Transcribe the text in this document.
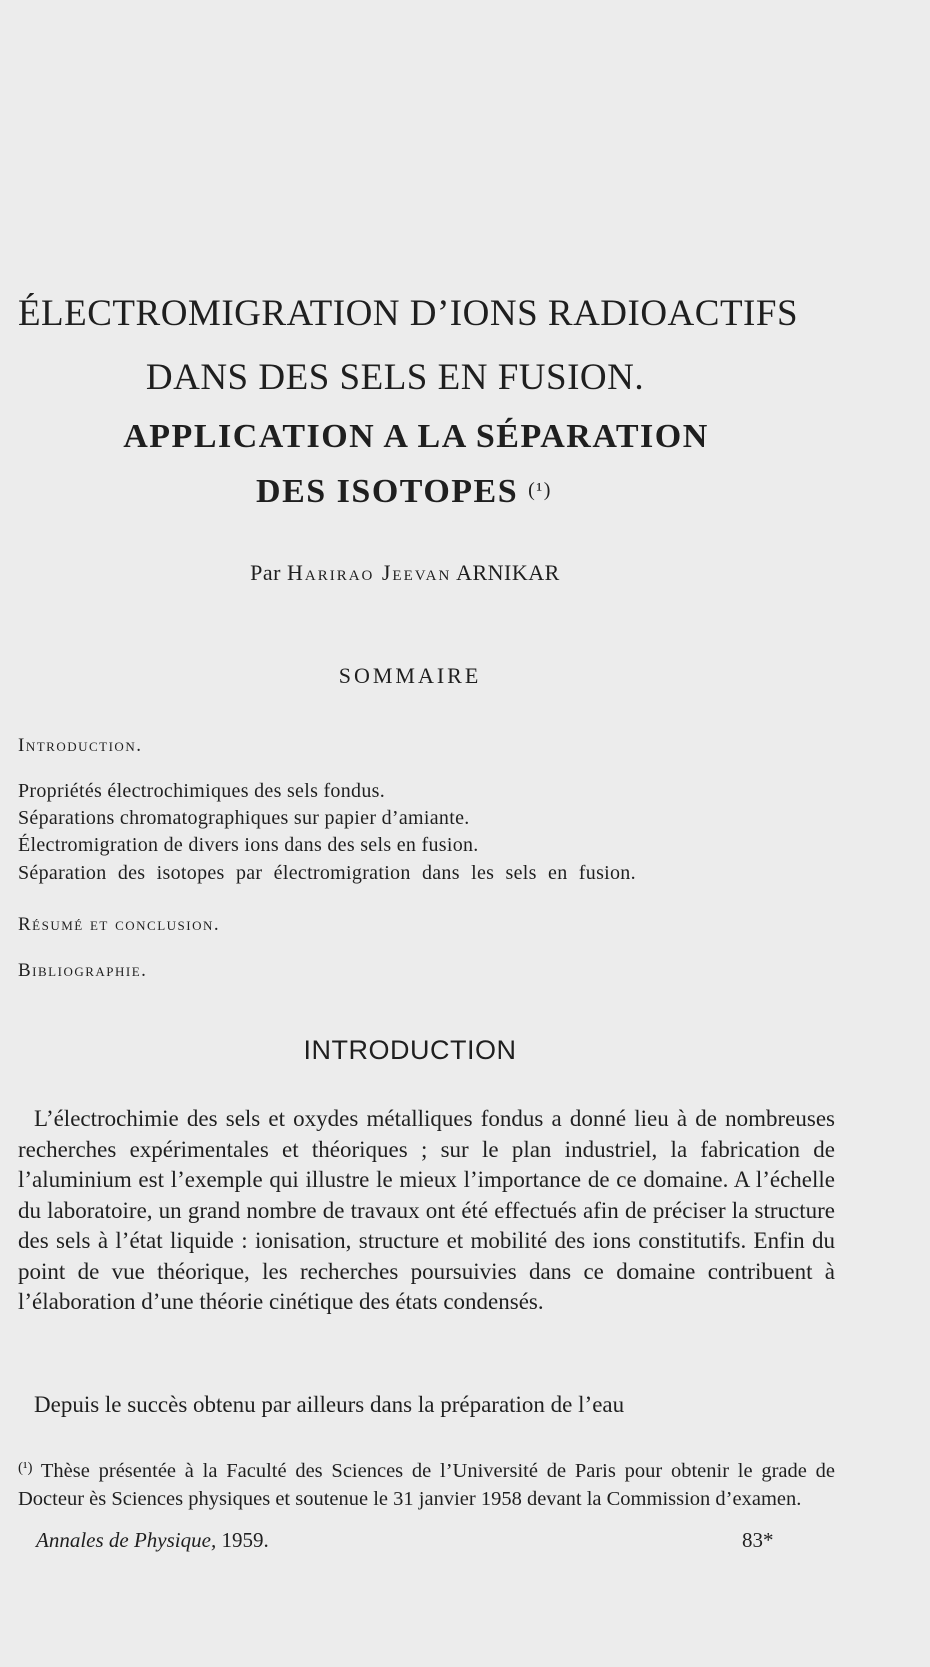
ÉLECTROMIGRATION D’IONS RADIOACTIFS
DANS DES SELS EN FUSION.
APPLICATION A LA SÉPARATION
DES ISOTOPES $^{(^1)}$
Par Harirao Jeevan ARNIKAR
SOMMAIRE
Introduction.
Propriétés électrochimiques des sels fondus.
Séparations chromatographiques sur papier d’amiante.
Électromigration de divers ions dans des sels en fusion.
Séparation des isotopes par électromigration dans les sels en fusion.
Résumé et conclusion.
Bibliographie.
INTRODUCTION
L’électrochimie des sels et oxydes métalliques fondus a donné lieu à de nombreuses recherches expérimentales et théoriques ; sur le plan industriel, la fabrication de l’aluminium est l’exemple qui illustre le mieux l’importance de ce domaine. A l’échelle du laboratoire, un grand nombre de travaux ont été effectués afin de préciser la structure des sels à l’état liquide : ionisation, structure et mobilité des ions constitutifs. Enfin du point de vue théorique, les recherches poursuivies dans ce domaine contribuent à l’élaboration d’une théorie cinétique des états condensés.
Depuis le succès obtenu par ailleurs dans la préparation de l’eau
$^{(^1)}$ Thèse présentée à la Faculté des Sciences de l’Université de Paris pour obtenir le grade de Docteur ès Sciences physiques et soutenue le 31 janvier 1958 devant la Commission d’examen.
Annales de Physique, 1959.	83*
